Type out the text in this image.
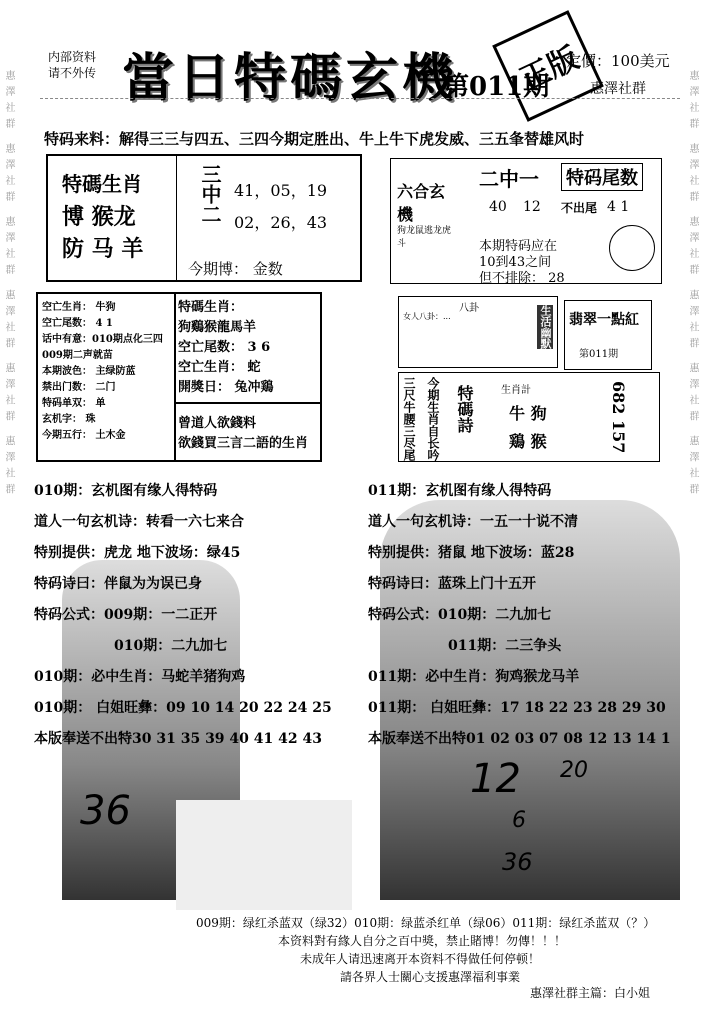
惠澤社群 惠澤社群 惠澤社群 惠澤社群 惠澤社群 惠澤社群	惠澤社群 惠澤社群 惠澤社群 惠澤社群 惠澤社群 惠澤社群
内部资料
请不外传 當日特碼玄機
第011期
正版
定價：100美元
惠澤社群
特码来料：解得三三与四五、三四今期定胜出、牛上牛下虎发威、三五夆替雄风时
特碼生肖
博 猴龙
防 马 羊
三中二 41，05，19
02，26，43
今期博： 金数
六合玄機
狗龙鼠逃龙虎斗
二中一
40 12
特码尾数
不出尾 4 1
本期特码应在
10到43之间
但不排除： 28
空亡生肖： 牛狗
空亡尾数： 4 1
话中有意：010期点化三四
009期二声就苗
本期波色： 主绿防蓝
禁出门数： 二门
特码单双： 单
玄机字： 珠
今期五行： 土木金
特碼生肖：
狗鷄猴龍馬羊
空亡尾数： 3 6
空亡生肖： 蛇
開獎日： 兔冲鶏
曾道人欲錢料
欲錢買三言二語的生肖
八卦
女人八卦：...	生活幽默 翡翠一點紅
第011期
三尺牛腰三尽尾 今期生肖自长吟 特碼詩	生肖計
牛 狗
鶏 猴	682 157
010期：玄机图有缘人得特码
道人一句玄机诗：转看一六七来合
特别提供：虎龙 地下波场：绿45
特码诗曰：伴鼠为为误已身
特码公式：009期：一二正开
010期：二九加七
010期：必中生肖：马蛇羊猪狗鸡
010期： 白姐旺彝：09 10 14 20 22 24 25
本版奉送不出特30 31 35 39 40 41 42 43
011期：玄机图有缘人得特码
道人一句玄机诗：一五一十说不清
特别提供：猪鼠 地下波场：蓝28
特码诗曰：蓝珠上门十五开
特码公式：010期：二九加七
011期：二三争头
011期：必中生肖：狗鸡猴龙马羊
011期： 白姐旺彝：17 18 22 23 28 29 30
本版奉送不出特01 02 03 07 08 12 13 14 1
36
12 20
6
36
009期：绿红杀蓝双（绿32）010期：绿蓝杀红单（绿06）011期：绿红杀蓝双（？）
本资料對有緣人自分之百中獎，禁止賭博！勿傳！！！
未成年人请迅速离开本资料不得做任何停顿！
請各界人士關心支援惠澤福利事業
惠澤社群主篇：白小姐
